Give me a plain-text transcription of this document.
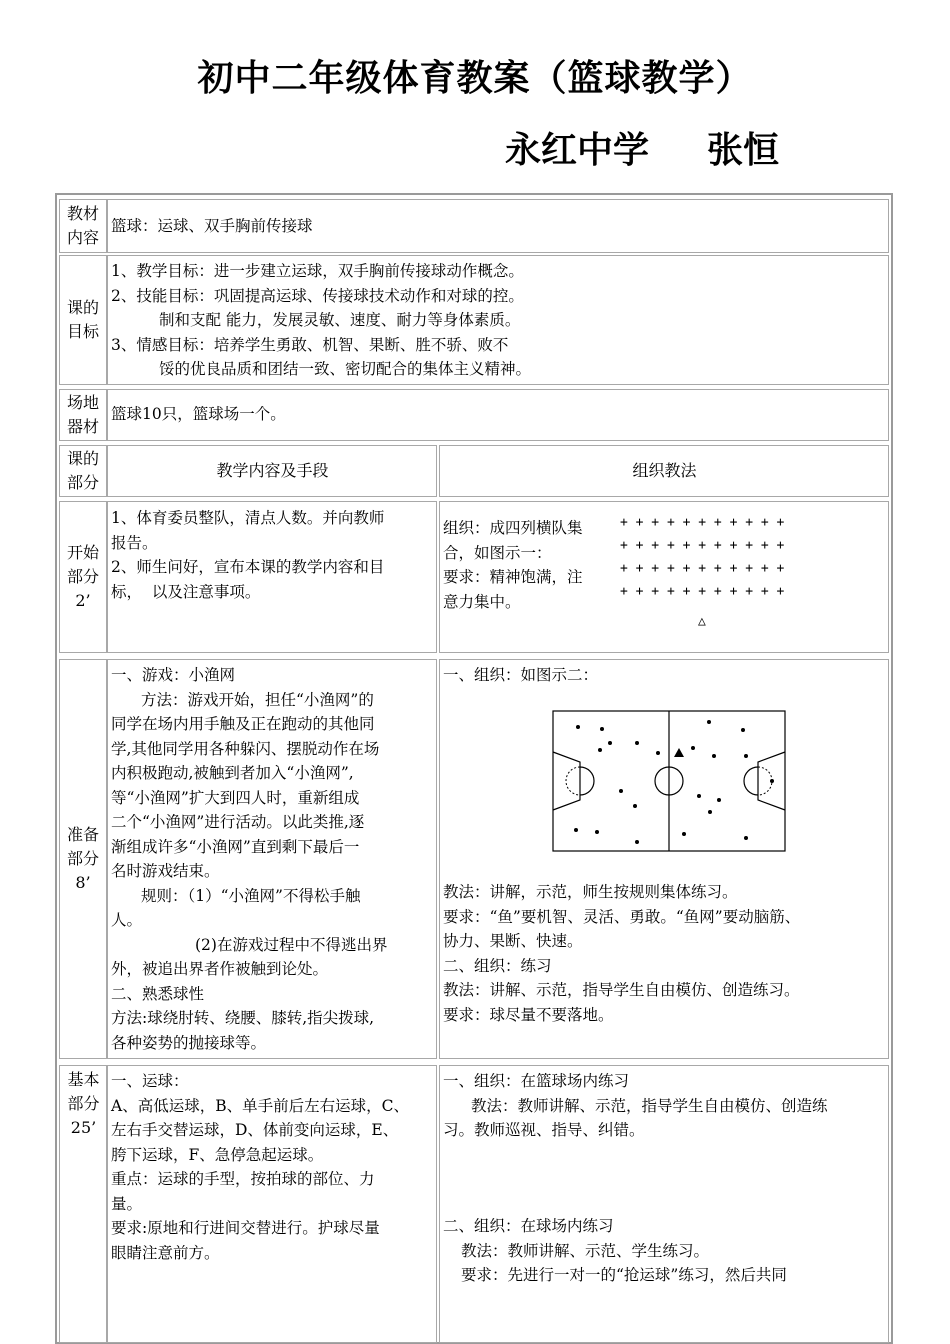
初中二年级体育教案（篮球教学）
永红中学 张恒
教材内容
篮球：运球、双手胸前传接球
课的目标
1、教学目标：进一步建立运球，双手胸前传接球动作概念。
2、技能目标：巩固提高运球、传接球技术动作和对球的控。
制和支配 能力，发展灵敏、速度、耐力等身体素质。
3、情感目标：培养学生勇敢、机智、果断、胜不骄、败不
馁的优良品质和团结一致、密切配合的集体主义精神。
场地器材
篮球10只，篮球场一个。
课的部分
教学内容及手段	组织教法
开始部分2’
1、体育委员整队，清点人数。并向教师
报告。
2、师生问好，宣布本课的教学内容和目
标，  以及注意事项。
组织：成四列横队集
合，如图示一：
要求：精神饱满，注
意力集中。
+ + + + + + + + + + +
+ + + + + + + + + + +
+ + + + + + + + + + +
+ + + + + + + + + + +
△
准备部分8’
一、游戏：小渔网
方法：游戏开始，担任“小渔网”的
同学在场内用手触及正在跑动的其他同
学,其他同学用各种躲闪、摆脱动作在场
内积极跑动,被触到者加入“小渔网”,
等“小渔网”扩大到四人时，重新组成
二个“小渔网”进行活动。以此类推,逐
渐组成许多“小渔网”直到剩下最后一
名时游戏结束。
规则：（1）“小渔网”不得松手触
人。
(2)在游戏过程中不得逃出界
外，被追出界者作被触到论处。
二、熟悉球性
方法:球绕肘转、绕腰、膝转,指尖拨球,
各种姿势的抛接球等。
一、组织：如图示二：
教法：讲解，示范，师生按规则集体练习。
要求：“鱼”要机智、灵活、勇敢。“鱼网”要动脑筋、
协力、果断、快速。
二、组织：练习
教法：讲解、示范，指导学生自由模仿、创造练习。
要求：球尽量不要落地。
基本部分25’
一、运球：
A、高低运球，B、单手前后左右运球，C、
左右手交替运球，D、体前变向运球，E、
胯下运球，F、急停急起运球。
重点：运球的手型，按拍球的部位、力
量。
要求:原地和行进间交替进行。护球尽量
眼睛注意前方。
一、组织：在篮球场内练习
教法：教师讲解、示范，指导学生自由模仿、创造练
习。教师巡视、指导、纠错。
二、组织：在球场内练习
教法：教师讲解、示范、学生练习。
要求：先进行一对一的“抢运球”练习，然后共同
